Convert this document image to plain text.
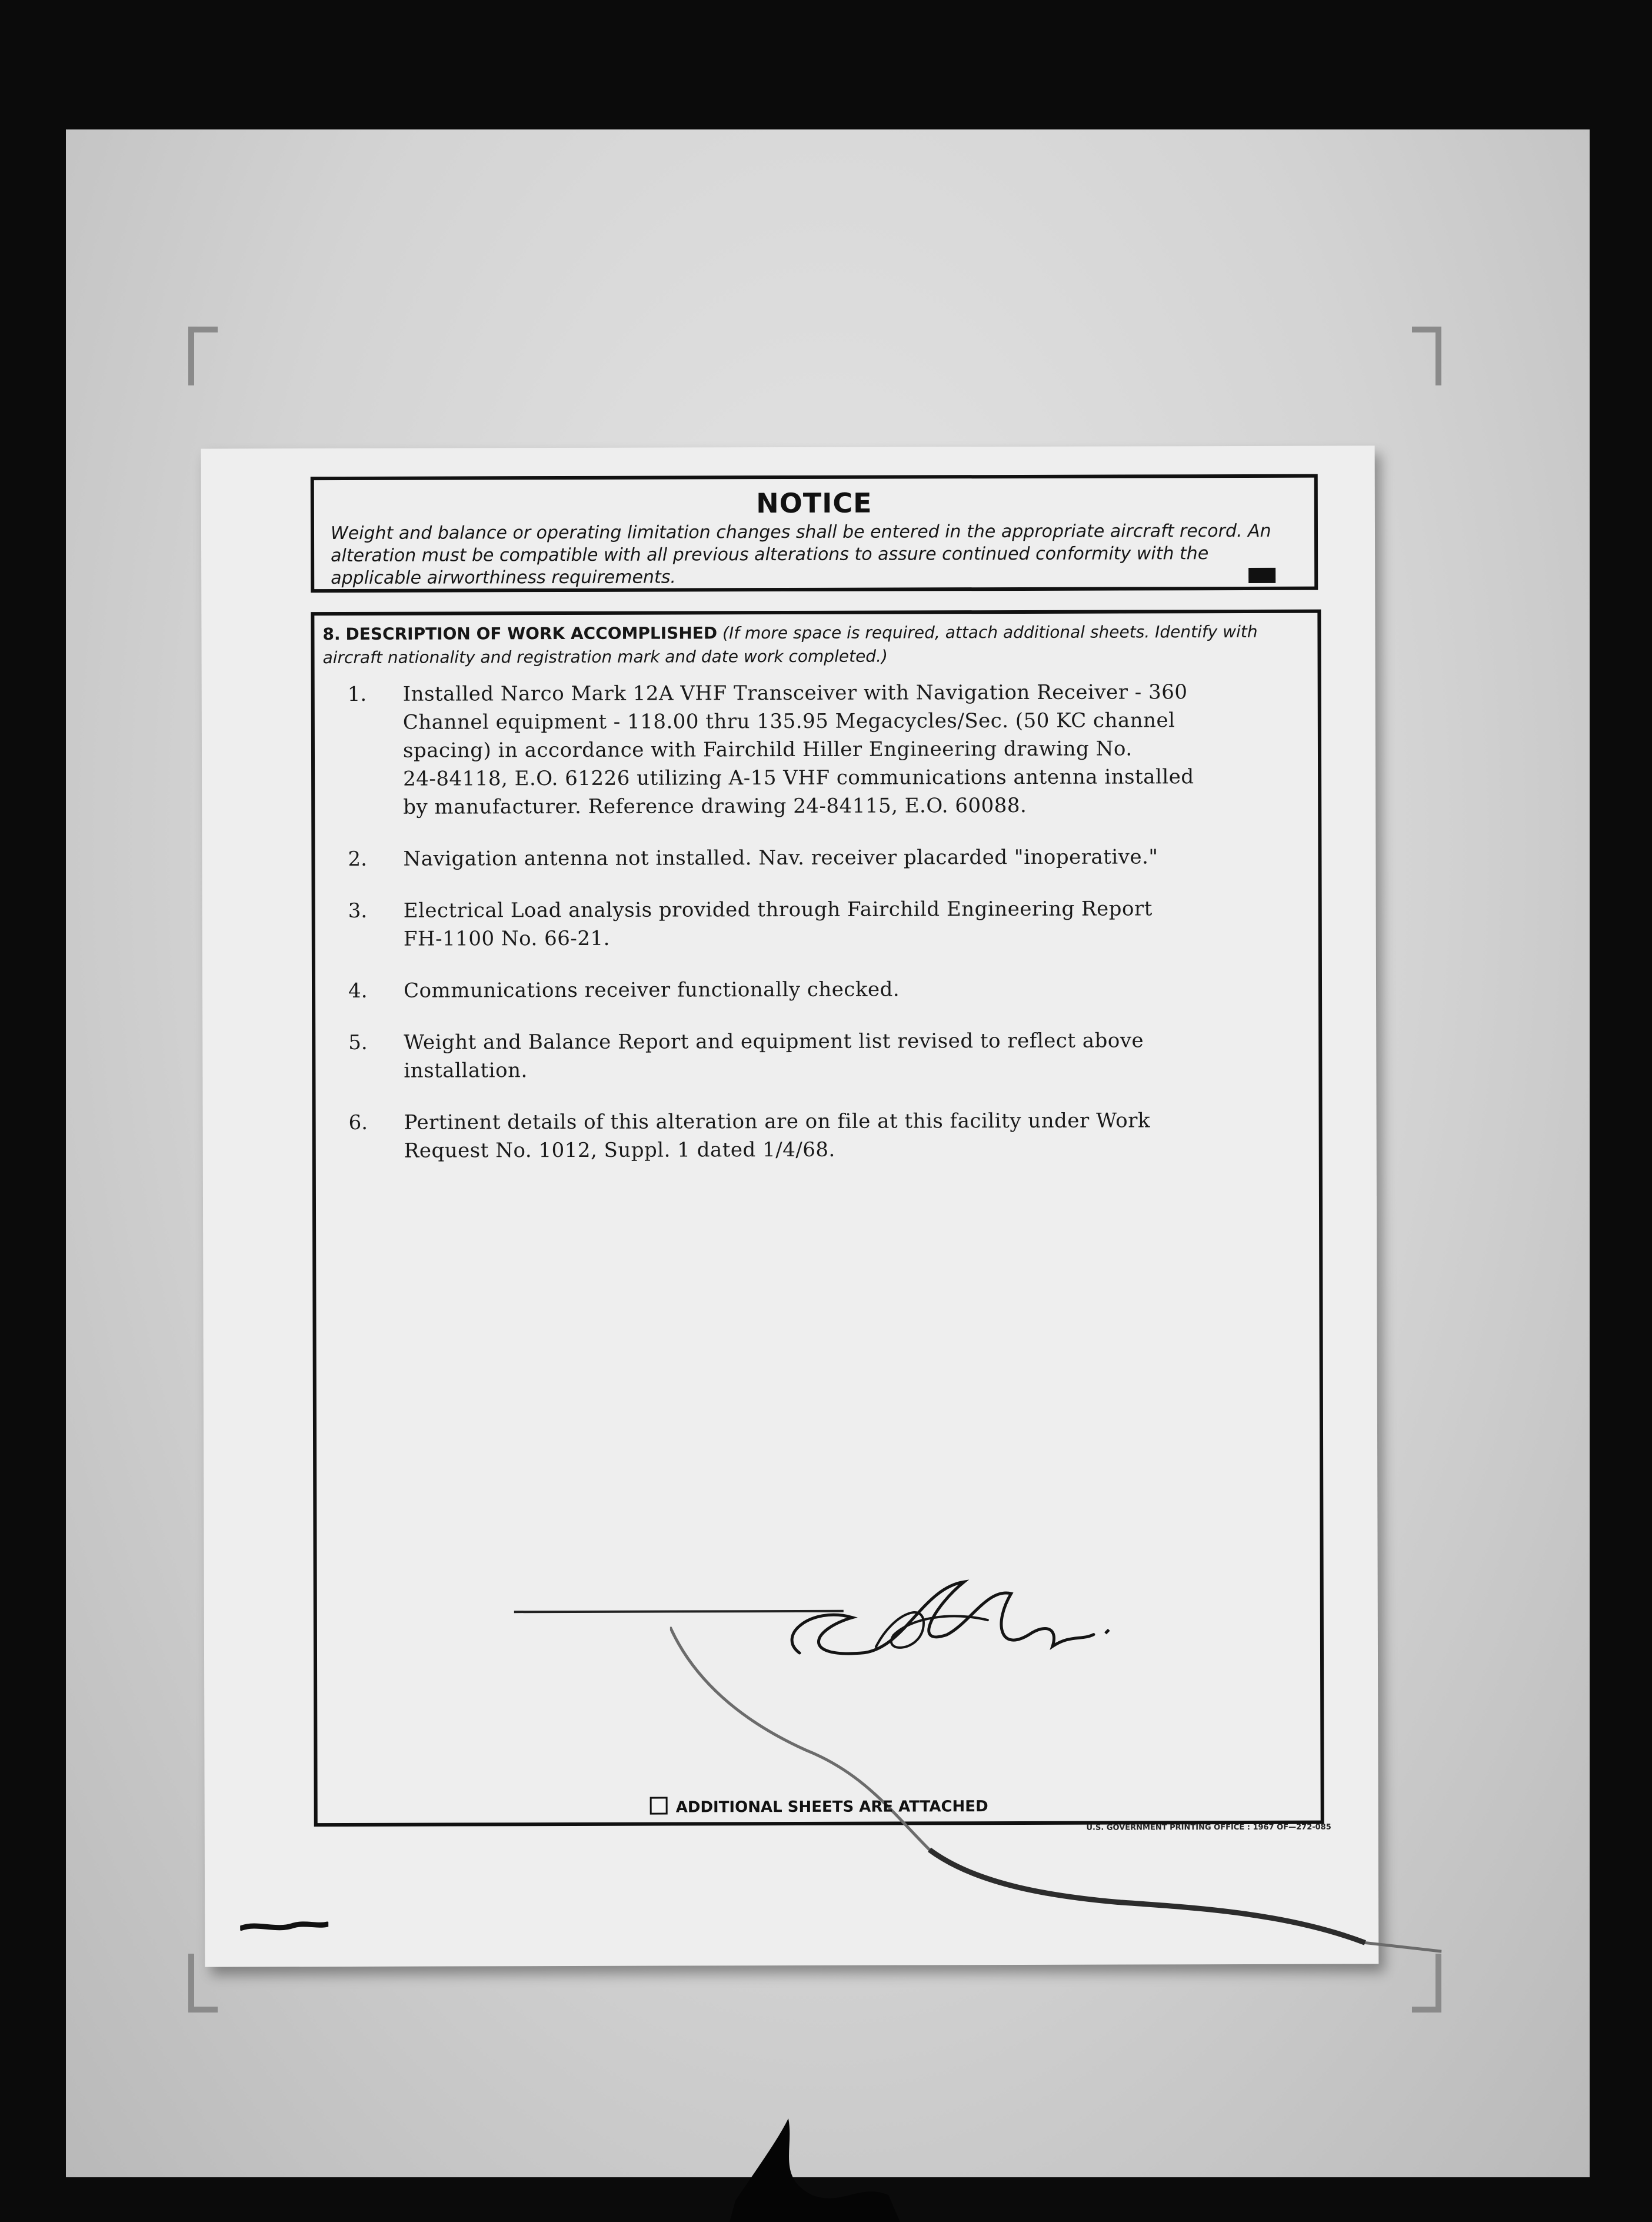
NOTICE
Weight and balance or operating limitation changes shall be entered in the appropriate aircraft record. An alteration must be compatible with all previous alterations to assure continued conformity with the applicable airworthiness requirements.
8. DESCRIPTION OF WORK ACCOMPLISHED (If more space is required, attach additional sheets. Identify with aircraft nationality and registration mark and date work completed.)
1.	Installed Narco Mark 12A VHF Transceiver with Navigation Receiver - 360
Channel equipment - 118.00 thru 135.95 Megacycles/Sec. (50 KC channel
spacing) in accordance with Fairchild Hiller Engineering drawing No.
24-84118, E.O. 61226 utilizing A-15 VHF communications antenna installed
by manufacturer. Reference drawing 24-84115, E.O. 60088.
2.	Navigation antenna not installed. Nav. receiver placarded "inoperative."
3.	Electrical Load analysis provided through Fairchild Engineering Report
FH-1100 No. 66-21.
4.	Communications receiver functionally checked.
5.	Weight and Balance Report and equipment list revised to reflect above
installation.
6.	Pertinent details of this alteration are on file at this facility under Work
Request No. 1012, Suppl. 1 dated 1/4/68.
ADDITIONAL SHEETS ARE ATTACHED
U.S. GOVERNMENT PRINTING OFFICE : 1967 OF—272-085
